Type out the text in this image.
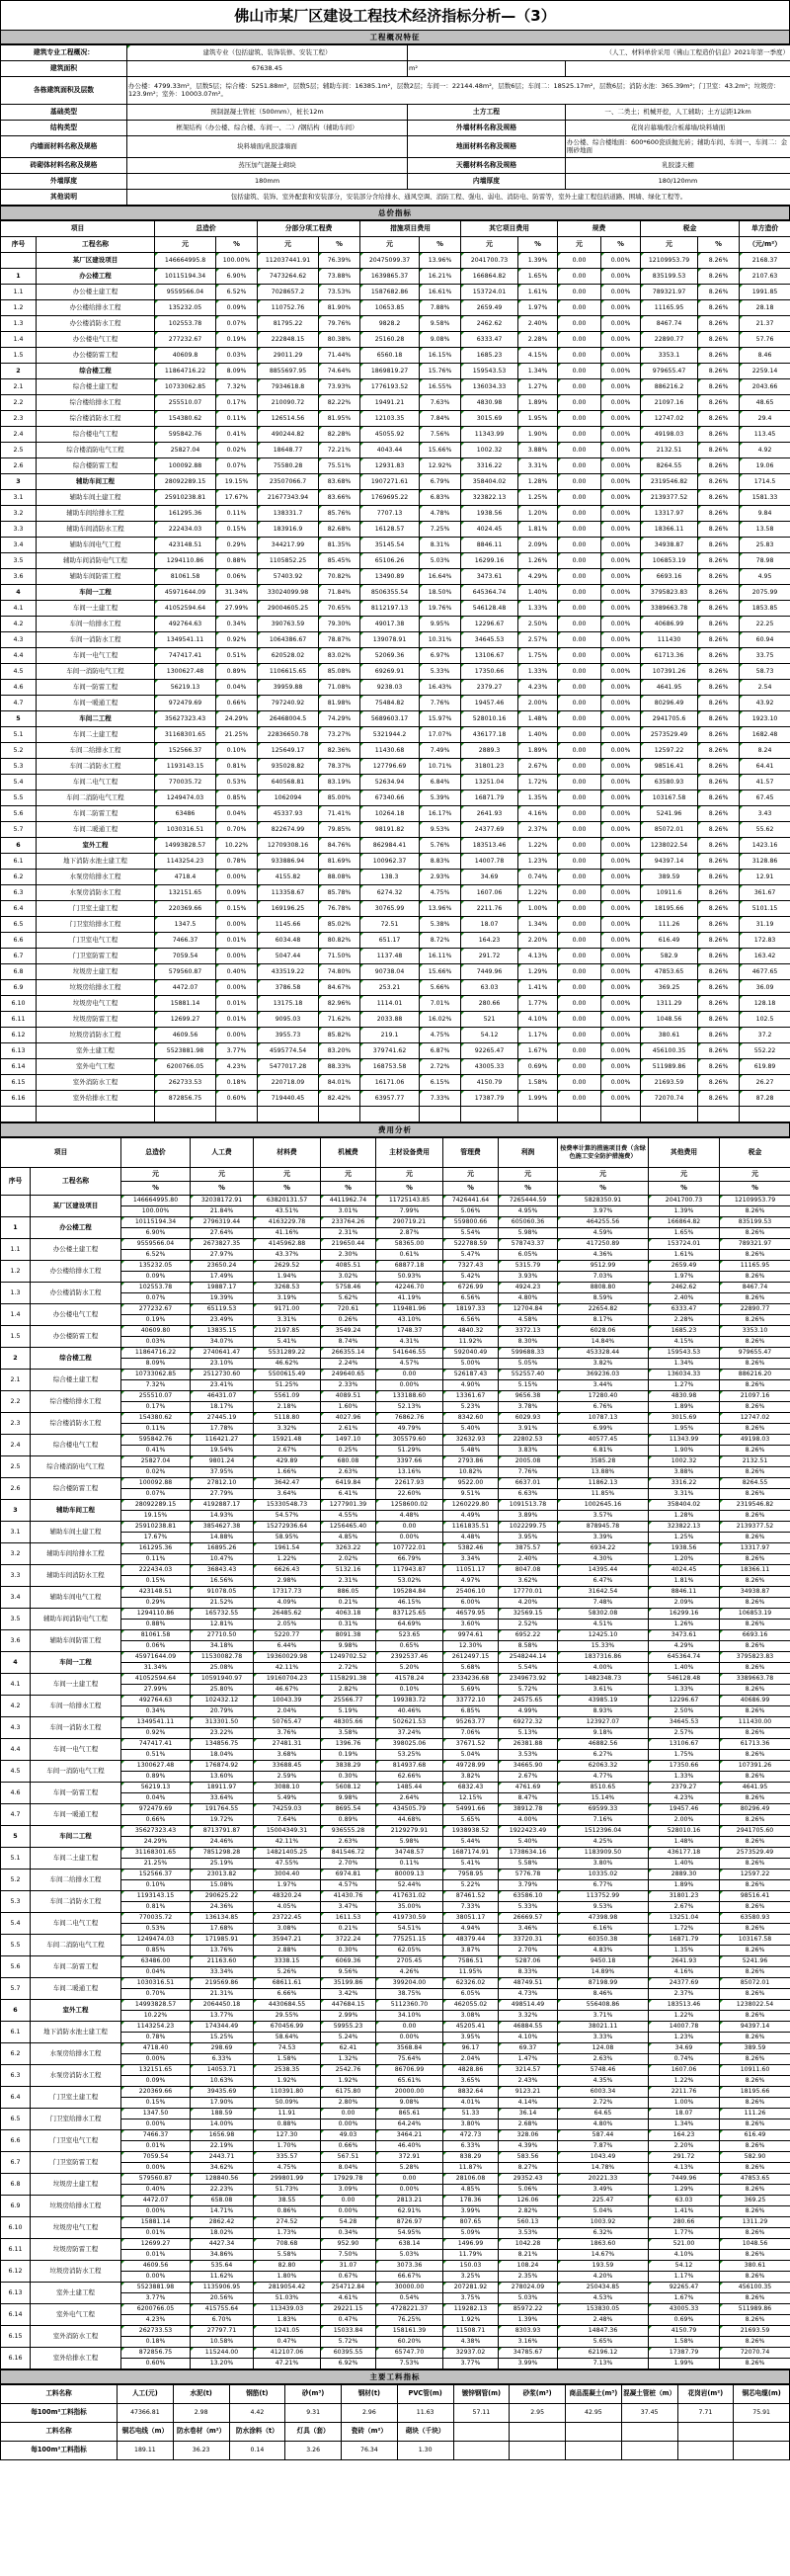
佛山市某厂区建设工程技术经济指标分析—（3）
工程概况特征
建筑专业工程概况：	建筑专业（包括建筑、装饰装修、安装工程）	（人工、材料单价采用《佛山工程造价信息》2021年第一季度）	
建筑面积	67638.45	m²	
各栋建筑面积及层数	办公楼：4799.33m²，层数5层；综合楼：5251.88m²，层数5层；辅助车间：16385.1m²，层数2层；车间一：22144.48m²，层数6层；车间二：18525.17m²，层数6层；消防水池：365.39m²；门卫室：43.2m²；垃圾房：123.9m²；室外：10003.07m²。		
基础类型	预制混凝土管桩（500mm），桩长12m	土方工程	一、二类土；机械开挖，人工辅助；土方运距12km
结构类型	框架结构（办公楼、综合楼、车间一、二）/钢结构（辅助车间）	外墙材料名称及规格	花岗岩幕墙/胶合板幕墙/块料墙面
内墙面材料名称及规格	块料墙面/乳胶漆墙面	地面材料名称及规格	办公楼、综合楼地面：600*600瓷质抛光砖；辅助车间、车间一、车间二：金刚砂地面
砖砌体材料名称及规格	蒸压加气混凝土砌块	天棚材料名称及规格	乳胶漆天棚
外墙厚度	180mm	内墙厚度	180/120mm
其他说明	包括建筑、装饰、室外配套和安装部分，安装部分含给排水、通风空调、消防工程、强电、弱电、消防电、防雷等，室外土建工程包括道路、围墙、绿化工程等。		
总价指标
项目		总造价		分部分项工程费		措施项目费用		其它项目费用		规费		税金		单方造价
序号	工程名称	元	%	元	%	元	%	元	%	元	%	元	%	（元/m²）
	某厂区建设项目	146664995.8	100.00%	112037441.91	76.39%	20475099.37	13.96%	2041700.73	1.39%	0.00	0.00%	12109953.79	8.26%	2168.37
1	办公楼工程	10115194.34	6.90%	7473264.62	73.88%	1639865.37	16.21%	166864.82	1.65%	0.00	0.00%	835199.53	8.26%	2107.63
1.1	办公楼土建工程	9559566.04	6.52%	7028657.2	73.53%	1587682.86	16.61%	153724.01	1.61%	0.00	0.00%	789321.97	8.26%	1991.85
1.2	办公楼给排水工程	135232.05	0.09%	110752.76	81.90%	10653.85	7.88%	2659.49	1.97%	0.00	0.00%	11165.95	8.26%	28.18
1.3	办公楼消防水工程	102553.78	0.07%	81795.22	79.76%	9828.2	9.58%	2462.62	2.40%	0.00	0.00%	8467.74	8.26%	21.37
1.4	办公楼电气工程	277232.67	0.19%	222848.15	80.38%	25160.28	9.08%	6333.47	2.28%	0.00	0.00%	22890.77	8.26%	57.76
1.5	办公楼防雷工程	40609.8	0.03%	29011.29	71.44%	6560.18	16.15%	1685.23	4.15%	0.00	0.00%	3353.1	8.26%	8.46
2	综合楼工程	11864716.22	8.09%	8855697.95	74.64%	1869819.27	15.76%	159543.53	1.34%	0.00	0.00%	979655.47	8.26%	2259.14
2.1	综合楼土建工程	10733062.85	7.32%	7934618.8	73.93%	1776193.52	16.55%	136034.33	1.27%	0.00	0.00%	886216.2	8.26%	2043.66
2.2	综合楼给排水工程	255510.07	0.17%	210090.72	82.22%	19491.21	7.63%	4830.98	1.89%	0.00	0.00%	21097.16	8.26%	48.65
2.3	综合楼消防水工程	154380.62	0.11%	126514.56	81.95%	12103.35	7.84%	3015.69	1.95%	0.00	0.00%	12747.02	8.26%	29.4
2.4	综合楼电气工程	595842.76	0.41%	490244.82	82.28%	45055.92	7.56%	11343.99	1.90%	0.00	0.00%	49198.03	8.26%	113.45
2.5	综合楼消防电气工程	25827.04	0.02%	18648.77	72.21%	4043.44	15.66%	1002.32	3.88%	0.00	0.00%	2132.51	8.26%	4.92
2.6	综合楼防雷工程	100092.88	0.07%	75580.28	75.51%	12931.83	12.92%	3316.22	3.31%	0.00	0.00%	8264.55	8.26%	19.06
3	辅助车间工程	28092289.15	19.15%	23507066.7	83.68%	1907271.61	6.79%	358404.02	1.28%	0.00	0.00%	2319546.82	8.26%	1714.5
3.1	辅助车间土建工程	25910238.81	17.67%	21677343.94	83.66%	1769695.22	6.83%	323822.13	1.25%	0.00	0.00%	2139377.52	8.26%	1581.33
3.2	辅助车间给排水工程	161295.36	0.11%	138331.7	85.76%	7707.13	4.78%	1938.56	1.20%	0.00	0.00%	13317.97	8.26%	9.84
3.3	辅助车间消防水工程	222434.03	0.15%	183916.9	82.68%	16128.57	7.25%	4024.45	1.81%	0.00	0.00%	18366.11	8.26%	13.58
3.4	辅助车间电气工程	423148.51	0.29%	344217.99	81.35%	35145.54	8.31%	8846.11	2.09%	0.00	0.00%	34938.87	8.26%	25.83
3.5	辅助车间消防电气工程	1294110.86	0.88%	1105852.25	85.45%	65106.26	5.03%	16299.16	1.26%	0.00	0.00%	106853.19	8.26%	78.98
3.6	辅助车间防雷工程	81061.58	0.06%	57403.92	70.82%	13490.89	16.64%	3473.61	4.29%	0.00	0.00%	6693.16	8.26%	4.95
4	车间一工程	45971644.09	31.34%	33024099.98	71.84%	8506355.54	18.50%	645364.74	1.40%	0.00	0.00%	3795823.83	8.26%	2075.99
4.1	车间一土建工程	41052594.64	27.99%	29004605.25	70.65%	8112197.13	19.76%	546128.48	1.33%	0.00	0.00%	3389663.78	8.26%	1853.85
4.2	车间一给排水工程	492764.63	0.34%	390763.59	79.30%	49017.38	9.95%	12296.67	2.50%	0.00	0.00%	40686.99	8.26%	22.25
4.3	车间一消防水工程	1349541.11	0.92%	1064386.67	78.87%	139078.91	10.31%	34645.53	2.57%	0.00	0.00%	111430	8.26%	60.94
4.4	车间一电气工程	747417.41	0.51%	620528.02	83.02%	52069.36	6.97%	13106.67	1.75%	0.00	0.00%	61713.36	8.26%	33.75
4.5	车间一消防电气工程	1300627.48	0.89%	1106615.65	85.08%	69269.91	5.33%	17350.66	1.33%	0.00	0.00%	107391.26	8.26%	58.73
4.6	车间一防雷工程	56219.13	0.04%	39959.88	71.08%	9238.03	16.43%	2379.27	4.23%	0.00	0.00%	4641.95	8.26%	2.54
4.7	车间一暖通工程	972479.69	0.66%	797240.92	81.98%	75484.82	7.76%	19457.46	2.00%	0.00	0.00%	80296.49	8.26%	43.92
5	车间二工程	35627323.43	24.29%	26468004.5	74.29%	5689603.17	15.97%	528010.16	1.48%	0.00	0.00%	2941705.6	8.26%	1923.10
5.1	车间二土建工程	31168301.65	21.25%	22836650.78	73.27%	5321944.2	17.07%	436177.18	1.40%	0.00	0.00%	2573529.49	8.26%	1682.48
5.2	车间二给排水工程	152566.37	0.10%	125649.17	82.36%	11430.68	7.49%	2889.3	1.89%	0.00	0.00%	12597.22	8.26%	8.24
5.3	车间二消防水工程	1193143.15	0.81%	935028.82	78.37%	127796.69	10.71%	31801.23	2.67%	0.00	0.00%	98516.41	8.26%	64.41
5.4	车间二电气工程	770035.72	0.53%	640568.81	83.19%	52634.94	6.84%	13251.04	1.72%	0.00	0.00%	63580.93	8.26%	41.57
5.5	车间二消防电气工程	1249474.03	0.85%	1062094	85.00%	67340.66	5.39%	16871.79	1.35%	0.00	0.00%	103167.58	8.26%	67.45
5.6	车间二防雷工程	63486	0.04%	45337.93	71.41%	10264.18	16.17%	2641.93	4.16%	0.00	0.00%	5241.96	8.26%	3.43
5.7	车间二暖通工程	1030316.51	0.70%	822674.99	79.85%	98191.82	9.53%	24377.69	2.37%	0.00	0.00%	85072.01	8.26%	55.62
6	室外工程	14993828.57	10.22%	12709308.16	84.76%	862984.41	5.76%	183513.46	1.22%	0.00	0.00%	1238022.54	8.26%	1423.16
6.1	地下消防水池土建工程	1143254.23	0.78%	933886.94	81.69%	100962.37	8.83%	14007.78	1.23%	0.00	0.00%	94397.14	8.26%	3128.86
6.2	水泵房给排水工程	4718.4	0.00%	4155.82	88.08%	138.3	2.93%	34.69	0.74%	0.00	0.00%	389.59	8.26%	12.91
6.3	水泵房消防水工程	132151.65	0.09%	113358.67	85.78%	6274.32	4.75%	1607.06	1.22%	0.00	0.00%	10911.6	8.26%	361.67
6.4	门卫室土建工程	220369.66	0.15%	169196.25	76.78%	30765.99	13.96%	2211.76	1.00%	0.00	0.00%	18195.66	8.26%	5101.15
6.5	门卫室给排水工程	1347.5	0.00%	1145.66	85.02%	72.51	5.38%	18.07	1.34%	0.00	0.00%	111.26	8.26%	31.19
6.6	门卫室电气工程	7466.37	0.01%	6034.48	80.82%	651.17	8.72%	164.23	2.20%	0.00	0.00%	616.49	8.26%	172.83
6.7	门卫室防雷工程	7059.54	0.00%	5047.44	71.50%	1137.48	16.11%	291.72	4.13%	0.00	0.00%	582.9	8.26%	163.42
6.8	垃圾房土建工程	579560.87	0.40%	433519.22	74.80%	90738.04	15.66%	7449.96	1.29%	0.00	0.00%	47853.65	8.26%	4677.65
6.9	垃圾房给排水工程	4472.07	0.00%	3786.58	84.67%	253.21	5.66%	63.03	1.41%	0.00	0.00%	369.25	8.26%	36.09
6.10	垃圾房电气工程	15881.14	0.01%	13175.18	82.96%	1114.01	7.01%	280.66	1.77%	0.00	0.00%	1311.29	8.26%	128.18
6.11	垃圾房防雷工程	12699.27	0.01%	9095.03	71.62%	2033.88	16.02%	521	4.10%	0.00	0.00%	1048.56	8.26%	102.5
6.12	垃圾房消防水工程	4609.56	0.00%	3955.73	85.82%	219.1	4.75%	54.12	1.17%	0.00	0.00%	380.61	8.26%	37.2
6.13	室外土建工程	5523881.98	3.77%	4595774.54	83.20%	379741.62	6.87%	92265.47	1.67%	0.00	0.00%	456100.35	8.26%	552.22
6.14	室外电气工程	6200766.05	4.23%	5477017.28	88.33%	168753.58	2.72%	43005.33	0.69%	0.00	0.00%	511989.86	8.26%	619.89
6.15	室外消防水工程	262733.53	0.18%	220718.09	84.01%	16171.06	6.15%	4150.79	1.58%	0.00	0.00%	21693.59	8.26%	26.27
6.16	室外给排水工程	872856.75	0.60%	719440.45	82.42%	63957.77	7.33%	17387.79	1.99%	0.00	0.00%	72070.74	8.26%	87.28

费用分析
项目		总造价	人工费	材料费	机械费	主材设备费用	管理费	利润	按费率计算的措施项目费（含绿色施工安全防护措施费）	其他费用	税金
序号	工程名称	元	元	元	元	元	元	元	元	元	元
		%	%	%	%	%	%	%	%	%	%
	某厂区建设项目	146664995.80	32038172.91	63820131.57	4411962.74	11725143.85	7426441.64	7265444.59	5828350.91	2041700.73	12109953.79
		100.00%	21.84%	43.51%	3.01%	7.99%	5.06%	4.95%	3.97%	1.39%	8.26%
1	办公楼工程	10115194.34	2796319.44	4163229.78	233764.26	290719.21	559800.66	605060.36	464255.56	166864.82	835199.53
		6.90%	27.64%	41.16%	2.31%	2.87%	5.54%	5.98%	4.59%	1.65%	8.26%
1.1	办公楼土建工程	9559566.04	2673827.35	4145962.88	219650.44	58365.00	522788.59	578743.37	417250.89	153724.01	789321.97
		6.52%	27.97%	43.37%	2.30%	0.61%	5.47%	6.05%	4.36%	1.61%	8.26%
1.2	办公楼给排水工程	135232.05	23650.24	2629.52	4085.51	68877.18	7327.43	5315.79	9512.99	2659.49	11165.95
		0.09%	17.49%	1.94%	3.02%	50.93%	5.42%	3.93%	7.03%	1.97%	8.26%
1.3	办公楼消防水工程	102553.78	19887.17	3268.53	5758.46	42246.70	6726.99	4924.23	8808.80	2462.62	8467.74
		0.07%	19.39%	3.19%	5.62%	41.19%	6.56%	4.80%	8.59%	2.40%	8.26%
1.4	办公楼电气工程	277232.67	65119.53	9171.00	720.61	119481.96	18197.33	12704.84	22654.82	6333.47	22890.77
		0.19%	23.49%	3.31%	0.26%	43.10%	6.56%	4.58%	8.17%	2.28%	8.26%
1.5	办公楼防雷工程	40609.80	13835.15	2197.85	3549.24	1748.37	4840.32	3372.13	6028.06	1685.23	3353.10
		0.03%	34.07%	5.41%	8.74%	4.31%	11.92%	8.30%	14.84%	4.15%	8.26%
2	综合楼工程	11864716.22	2740641.47	5531289.22	266355.14	541646.55	592040.49	599688.33	453328.44	159543.53	979655.47
		8.09%	23.10%	46.62%	2.24%	4.57%	5.00%	5.05%	3.82%	1.34%	8.26%
2.1	综合楼土建工程	10733062.85	2512730.60	5500615.49	249640.65	0.00	526187.43	552557.40	369236.03	136034.33	886216.20
		7.32%	23.41%	51.25%	2.33%	0.00%	4.90%	5.15%	3.44%	1.27%	8.26%
2.2	综合楼给排水工程	255510.07	46431.07	5561.09	4089.51	133188.60	13361.67	9656.38	17280.40	4830.98	21097.16
		0.17%	18.17%	2.18%	1.60%	52.13%	5.23%	3.78%	6.76%	1.89%	8.26%
2.3	综合楼消防水工程	154380.62	27445.19	5118.80	4027.96	76862.76	8342.60	6029.93	10787.13	3015.69	12747.02
		0.11%	17.78%	3.32%	2.61%	49.79%	5.40%	3.91%	6.99%	1.95%	8.26%
2.4	综合楼电气工程	595842.76	116421.27	15921.48	1497.10	305579.60	32632.93	22802.53	40577.45	11343.99	49198.03
		0.41%	19.54%	2.67%	0.25%	51.29%	5.48%	3.83%	6.81%	1.90%	8.26%
2.5	综合楼消防电气工程	25827.04	9801.24	429.89	680.08	3397.66	2793.86	2005.08	3585.28	1002.32	2132.51
		0.02%	37.95%	1.66%	2.63%	13.16%	10.82%	7.76%	13.88%	3.88%	8.26%
2.6	综合楼防雷工程	100092.88	27812.10	3642.47	6419.84	22617.93	9522.00	6637.01	11862.13	3316.22	8264.55
		0.07%	27.79%	3.64%	6.41%	22.60%	9.51%	6.63%	11.85%	3.31%	8.26%
3	辅助车间工程	28092289.15	4192887.17	15330548.73	1277901.39	1258600.02	1260229.80	1091513.78	1002645.16	358404.02	2319546.82
		19.15%	14.93%	54.57%	4.55%	4.48%	4.49%	3.89%	3.57%	1.28%	8.26%
3.1	辅助车间土建工程	25910238.81	3854627.38	15272936.64	1256465.40	0.00	1161835.51	1022299.75	878945.78	323822.13	2139377.52
		17.67%	14.88%	58.95%	4.85%	0.00%	4.48%	3.95%	3.39%	1.25%	8.26%
3.2	辅助车间给排水工程	161295.36	16895.26	1961.54	3263.22	107722.01	5382.46	3875.57	6934.22	1938.56	13317.97
		0.11%	10.47%	1.22%	2.02%	66.79%	3.34%	2.40%	4.30%	1.20%	8.26%
3.3	辅助车间消防水工程	222434.03	36843.43	6626.43	5132.16	117943.87	11051.17	8047.08	14395.44	4024.45	18366.11
		0.15%	16.56%	2.98%	2.31%	53.02%	4.97%	3.62%	6.47%	1.81%	8.26%
3.4	辅助车间电气工程	423148.51	91078.05	17317.73	886.05	195284.84	25406.10	17770.01	31642.54	8846.11	34938.87
		0.29%	21.52%	4.09%	0.21%	46.15%	6.00%	4.20%	7.48%	2.09%	8.26%
3.5	辅助车间消防电气工程	1294110.86	165732.55	26485.62	4063.18	837125.65	46579.95	32569.15	58302.08	16299.16	106853.19
		0.88%	12.81%	2.05%	0.31%	64.69%	3.60%	2.52%	4.51%	1.26%	8.26%
3.6	辅助车间防雷工程	81061.58	27710.50	5220.77	8091.38	523.65	9974.61	6952.22	12425.10	3473.61	6693.16
		0.06%	34.18%	6.44%	9.98%	0.65%	12.30%	8.58%	15.33%	4.29%	8.26%
4	车间一工程	45971644.09	11530082.78	19360029.98	1249702.52	2392537.46	2612497.15	2548244.14	1837316.86	645364.74	3795823.83
		31.34%	25.08%	42.11%	2.72%	5.20%	5.68%	5.54%	4.00%	1.40%	8.26%
4.1	车间一土建工程	41052594.64	10591940.97	19160704.23	1158291.38	41578.24	2334236.68	2349673.92	1482348.73	546128.48	3389663.78
		27.99%	25.80%	46.67%	2.82%	0.10%	5.69%	5.72%	3.61%	1.33%	8.26%
4.2	车间一给排水工程	492764.63	102432.12	10043.39	25566.77	199383.72	33772.10	24575.65	43985.19	12296.67	40686.99
		0.34%	20.79%	2.04%	5.19%	40.46%	6.85%	4.99%	8.93%	2.50%	8.26%
4.3	车间一消防水工程	1349541.11	313301.50	50765.47	48305.66	502621.53	95263.77	69272.32	123927.07	34645.53	111430.00
		0.92%	23.22%	3.76%	3.58%	37.24%	7.06%	5.13%	9.18%	2.57%	8.26%
4.4	车间一电气工程	747417.41	134856.75	27481.31	1396.76	398025.06	37671.52	26381.88	46882.56	13106.67	61713.36
		0.51%	18.04%	3.68%	0.19%	53.25%	5.04%	3.53%	6.27%	1.75%	8.26%
4.5	车间一消防电气工程	1300627.48	176874.92	33688.45	3838.29	814937.68	49728.99	34665.90	62063.32	17350.66	107391.26
		0.89%	13.60%	2.59%	0.30%	62.66%	3.82%	2.67%	4.77%	1.33%	8.26%
4.6	车间一防雷工程	56219.13	18911.97	3088.10	5608.12	1485.44	6832.43	4761.69	8510.65	2379.27	4641.95
		0.04%	33.64%	5.49%	9.98%	2.64%	12.15%	8.47%	15.14%	4.23%	8.26%
4.7	车间一暖通工程	972479.69	191764.55	74259.03	8695.54	434505.79	54991.66	38912.78	69599.33	19457.46	80296.49
		0.66%	19.72%	7.64%	0.89%	44.68%	5.65%	4.00%	7.16%	2.00%	8.26%
5	车间二工程	35627323.43	8713791.87	15004349.31	936555.28	2129279.91	1938938.52	1922423.49	1512396.04	528010.16	2941705.60
		24.29%	24.46%	42.11%	2.63%	5.98%	5.44%	5.40%	4.25%	1.48%	8.26%
5.1	车间二土建工程	31168301.65	7851298.28	14821405.25	841546.72	34748.57	1687174.91	1738634.16	1183909.50	436177.18	2573529.49
		21.25%	25.19%	47.55%	2.70%	0.11%	5.41%	5.58%	3.80%	1.40%	8.26%
5.2	车间二给排水工程	152566.37	23013.82	3004.40	6974.81	80009.13	7958.95	5776.78	10335.02	2889.30	12597.22
		0.10%	15.08%	1.97%	4.57%	52.44%	5.22%	3.79%	6.77%	1.89%	8.26%
5.3	车间二消防水工程	1193143.15	290625.22	48320.24	41430.76	417631.02	87461.52	63586.10	113752.99	31801.23	98516.41
		0.81%	24.36%	4.05%	3.47%	35.00%	7.33%	5.33%	9.53%	2.67%	8.26%
5.4	车间二电气工程	770035.72	136134.85	23722.45	1611.53	419730.59	38051.17	26669.57	47398.98	13251.04	63580.93
		0.53%	17.68%	3.08%	0.21%	54.51%	4.94%	3.46%	6.16%	1.72%	8.26%
5.5	车间二消防电气工程	1249474.03	171985.91	35947.21	3722.24	775251.15	48379.44	33720.31	60350.38	16871.79	103167.58
		0.85%	13.76%	2.88%	0.30%	62.05%	3.87%	2.70%	4.83%	1.35%	8.26%
5.6	车间二防雷工程	63486.00	21163.60	3338.15	6069.36	2705.45	7586.51	5287.06	9450.18	2641.93	5241.96
		0.04%	33.34%	5.26%	9.56%	4.26%	11.95%	8.33%	14.89%	4.16%	8.26%
5.7	车间二暖通工程	1030316.51	219569.86	68611.61	35199.86	399204.00	62326.02	48749.51	87198.99	24377.69	85072.01
		0.70%	21.31%	6.66%	3.42%	38.75%	6.05%	4.73%	8.46%	2.37%	8.26%
6	室外工程	14993828.57	2064450.18	4430684.55	447684.15	5112360.70	462055.02	498514.49	556408.86	183513.46	1238022.54
		10.22%	13.77%	29.55%	2.99%	34.10%	3.08%	3.32%	3.71%	1.22%	8.26%
6.1	地下消防水池土建工程	1143254.23	174344.49	670456.99	59955.23	0.00	45205.41	46884.55	38021.11	14007.78	94397.14
		0.78%	15.25%	58.64%	5.24%	0.00%	3.95%	4.10%	3.33%	1.23%	8.26%
6.2	水泵房给排水工程	4718.40	298.69	74.53	62.41	3568.84	96.17	69.37	124.08	34.69	389.59
		0.00%	6.33%	1.58%	1.32%	75.64%	2.04%	1.47%	2.63%	0.74%	8.26%
6.3	水泵房消防水工程	132151.65	14053.71	2538.35	2542.76	86706.99	4828.86	3214.57	5748.46	1607.06	10911.60
		0.09%	10.63%	1.92%	1.92%	65.61%	3.65%	2.43%	4.35%	1.22%	8.26%
6.4	门卫室土建工程	220369.66	39435.69	110391.80	6175.80	20000.00	8832.64	9123.21	6003.34	2211.76	18195.66
		0.15%	17.90%	50.09%	2.80%	9.08%	4.01%	4.14%	2.72%	1.00%	8.26%
6.5	门卫室给排水工程	1347.50	188.59	11.91	0.00	865.61	51.33	36.14	64.65	18.07	111.26
		0.00%	14.00%	0.88%	0.00%	64.24%	3.80%	2.68%	4.80%	1.34%	8.26%
6.6	门卫室电气工程	7466.37	1656.98	127.30	49.03	3464.21	472.73	328.06	587.44	164.23	616.49
		0.01%	22.19%	1.70%	0.66%	46.40%	6.33%	4.39%	7.87%	2.20%	8.26%
6.7	门卫室防雷工程	7059.54	2443.71	335.57	567.51	372.91	838.29	583.56	1043.49	291.72	582.90
		0.00%	34.62%	4.75%	8.04%	5.28%	11.87%	8.27%	14.78%	4.13%	8.26%
6.8	垃圾房土建工程	579560.87	128840.56	299801.99	17929.78	0.00	28106.08	29352.43	20221.33	7449.96	47853.65
		0.40%	22.23%	51.73%	3.09%	0.00%	4.85%	5.06%	3.49%	1.29%	8.26%
6.9	垃圾房给排水工程	4472.07	658.08	38.55	0.00	2813.21	178.36	126.06	225.47	63.03	369.25
		0.00%	14.71%	0.86%	0.00%	62.91%	3.99%	2.82%	5.04%	1.41%	8.26%
6.10	垃圾房电气工程	15881.14	2862.42	274.52	54.28	8726.97	807.65	560.13	1003.92	280.66	1311.29
		0.01%	18.02%	1.73%	0.34%	54.95%	5.09%	3.53%	6.32%	1.77%	8.26%
6.11	垃圾房防雷工程	12699.27	4427.34	708.68	952.90	638.14	1496.99	1042.28	1863.60	521.00	1048.56
		0.01%	34.86%	5.58%	7.50%	5.03%	11.79%	8.21%	14.67%	4.10%	8.26%
6.12	垃圾房消防水工程	4609.56	535.64	82.80	31.07	3073.36	150.03	108.24	193.59	54.12	380.61
		0.00%	11.62%	1.80%	0.67%	66.67%	3.25%	2.35%	4.20%	1.17%	8.26%
6.13	室外土建工程	5523881.98	1135906.95	2819054.42	254712.84	30000.00	207281.92	278024.09	250434.85	92265.47	456100.35
		3.77%	20.56%	51.03%	4.61%	0.54%	3.75%	5.03%	4.53%	1.67%	8.26%
6.14	室外电气工程	6200766.05	415755.64	113439.03	29221.15	4728221.37	119282.13	85972.22	153830.05	43005.33	511989.86
		4.23%	6.70%	1.83%	0.47%	76.25%	1.92%	1.39%	2.48%	0.69%	8.26%
6.15	室外消防水工程	262733.53	27797.71	1241.05	15033.84	158161.39	11508.71	8303.93	14847.36	4150.79	21693.59
		0.18%	10.58%	0.47%	5.72%	60.20%	4.38%	3.16%	5.65%	1.58%	8.26%
6.16	室外给排水工程	872856.75	115244.00	412107.06	60395.55	65747.70	32937.02	34785.67	62196.12	17387.79	72070.74
		0.60%	13.20%	47.21%	6.92%	7.53%	3.77%	3.99%	7.13%	1.99%	8.26%
主要工料指标
工料名称	人工(元)	水泥(t)	钢筋(t)	砂(m³)	钢材(t)	PVC管(m)	镀锌钢管(m)	砂浆(m³)	商品混凝土(m³)	混凝土管桩（m）	花岗岩(m²)	铜芯电缆(m)
每100m²工料指标	47366.81	2.98	4.42	9.31	2.96	11.63	57.11	2.95	42.95	37.45	7.71	75.91
工料名称	铜芯电线（m）	防水卷材（m²）	防水涂料（t）	灯具（套）	瓷砖（m²）	砌块（千块）						
每100m²工料指标	189.11	36.23	0.14	3.26	76.34	1.30						
